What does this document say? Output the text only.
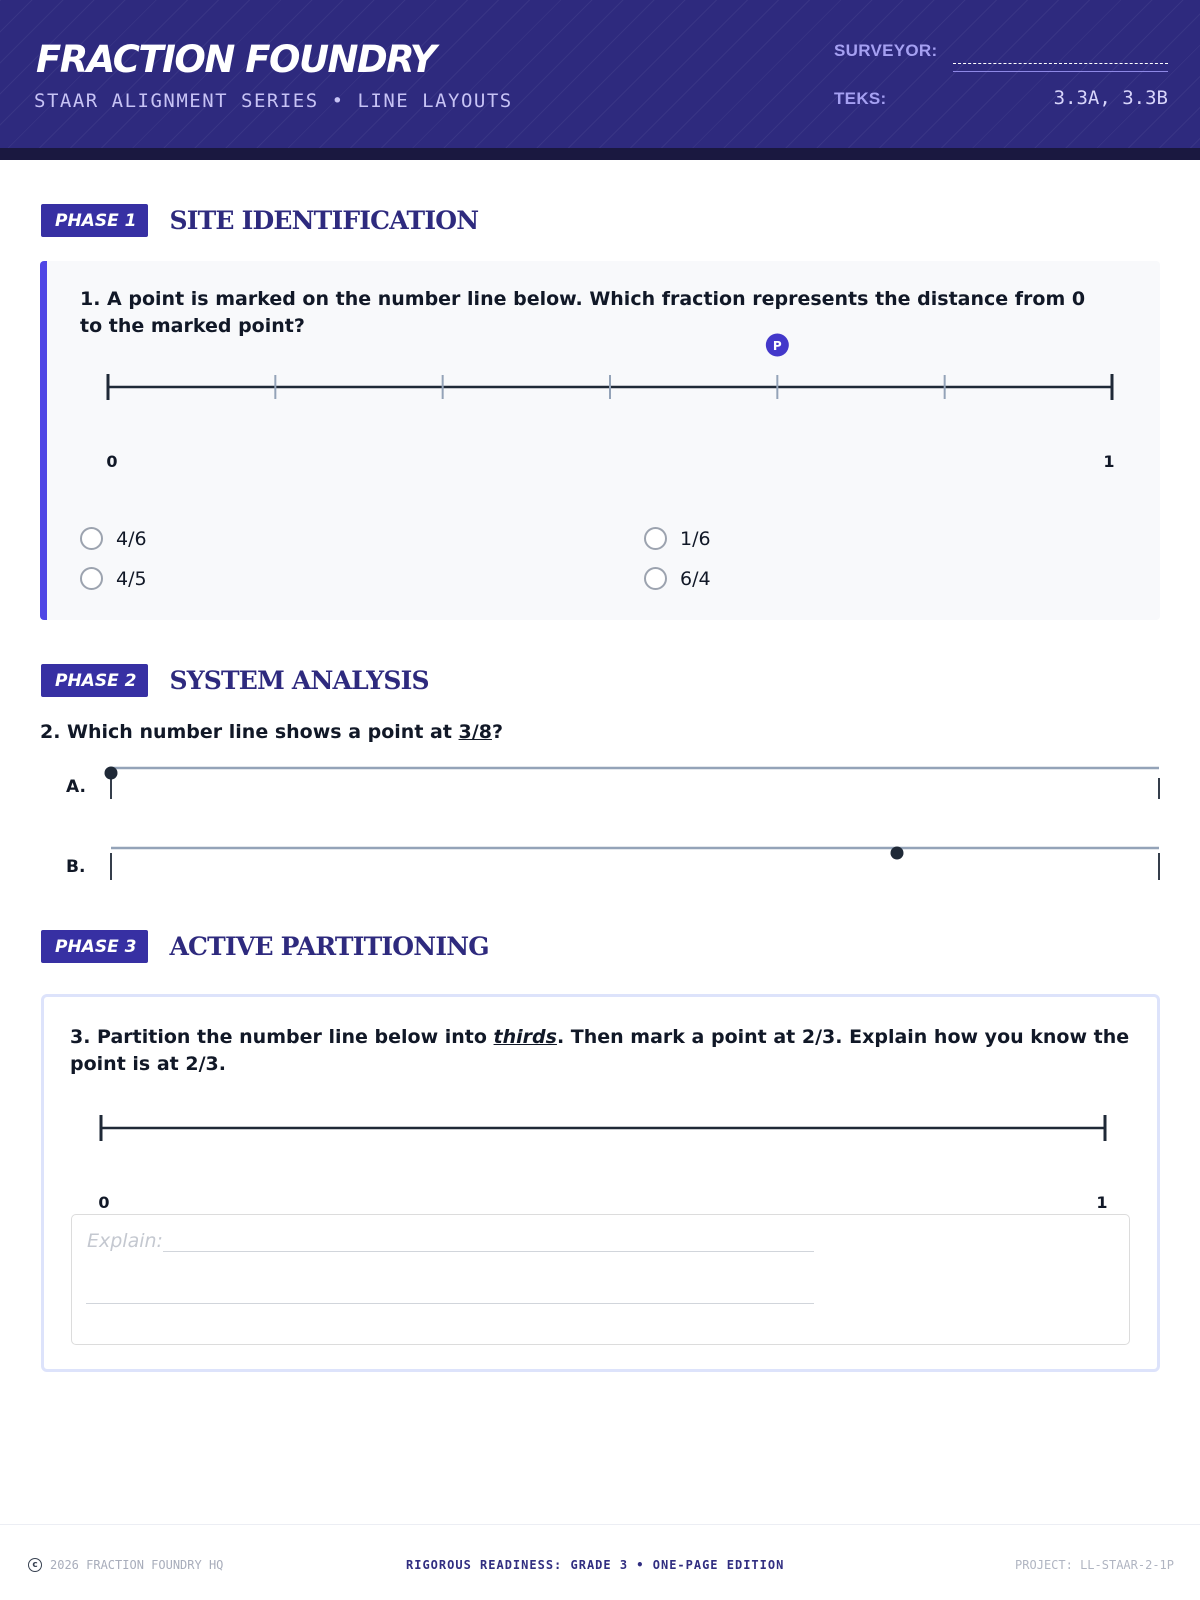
FRACTION FOUNDRY
STAAR ALIGNMENT SERIES • LINE LAYOUTS
SURVEYOR:
TEKS:	3.3A, 3.3B
PHASE 1	SITE IDENTIFICATION
1. A point is marked on the number line below. Which fraction represents the distance from 0 to the marked point?
P
0	1
4/6	1/6
4/5	6/4
PHASE 2	SYSTEM ANALYSIS
2. Which number line shows a point at 3/8?
A.
B.
PHASE 3	ACTIVE PARTITIONING
3. Partition the number line below into thirds. Then mark a point at 2/3. Explain how you know the point is at 2/3.
0	1
Explain:
c	2026 FRACTION FOUNDRY HQ	RIGOROUS READINESS: GRADE 3 • ONE-PAGE EDITION	PROJECT: LL-STAAR-2-1P
